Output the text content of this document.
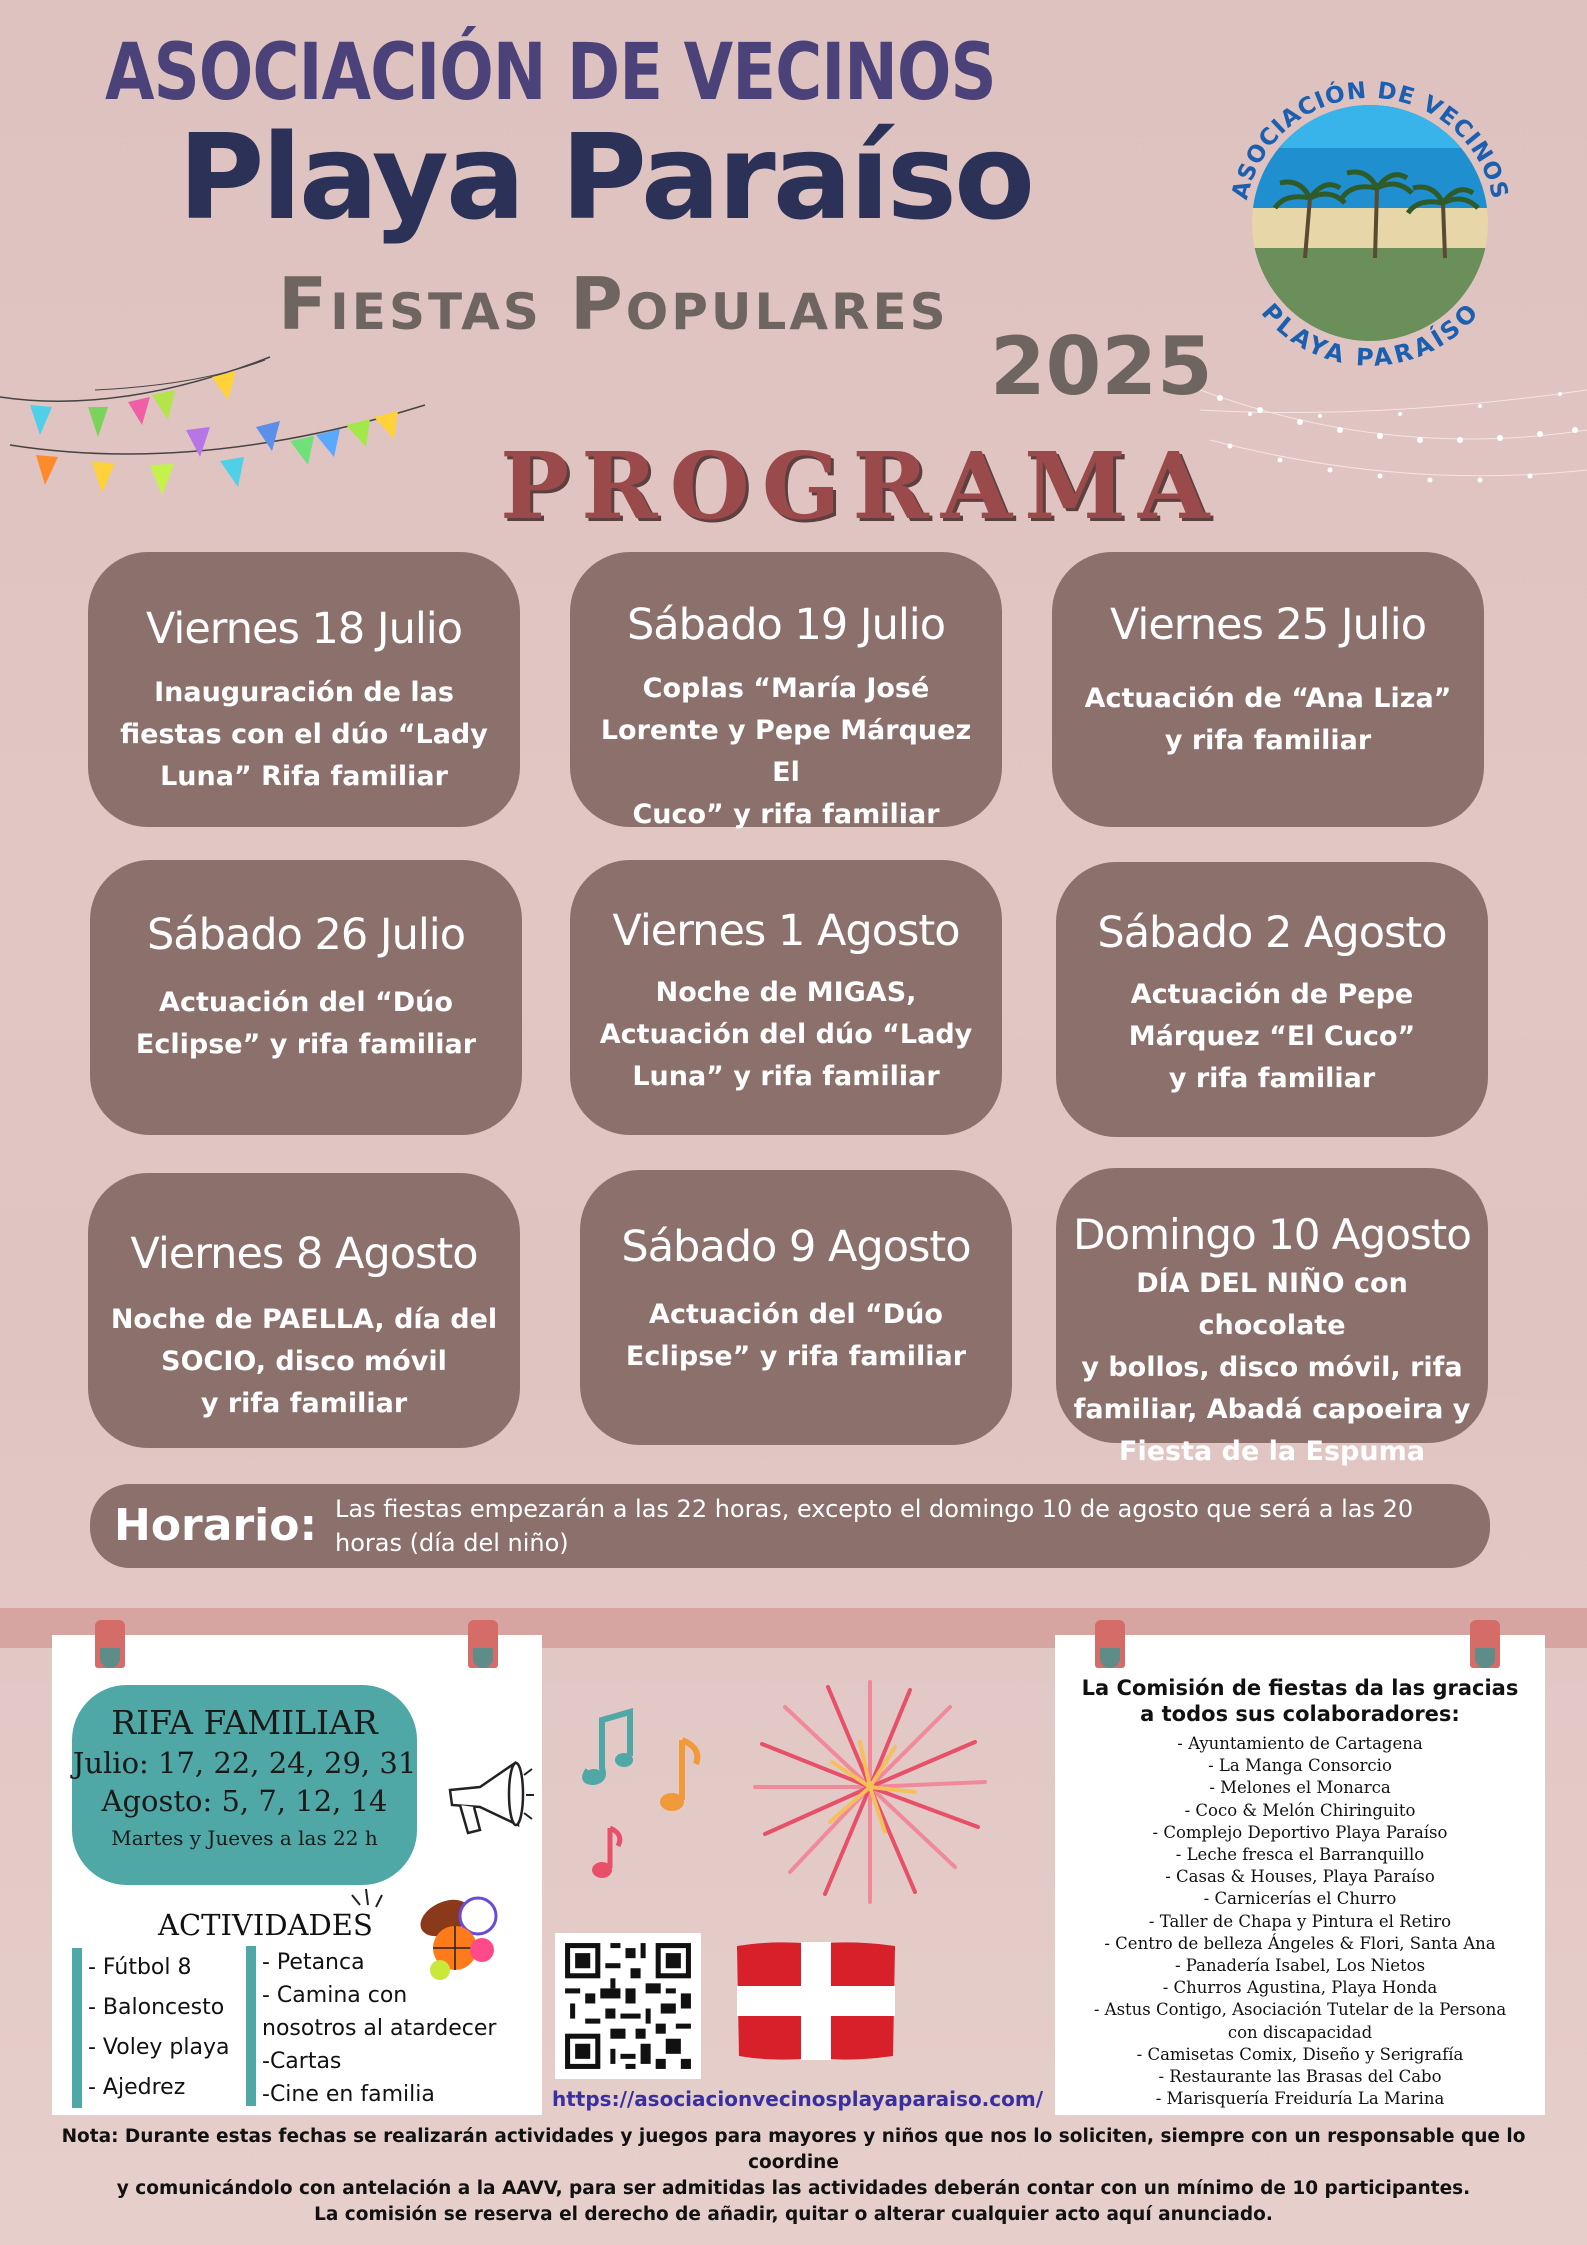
ASOCIACIÓN DE VECINOS
Playa Paraíso
Fiestas Populares
2025
PROGRAMA
ASOCIACIÓN DE VECINOS
PLAYA PARAÍSO
Viernes 18 Julio
Inauguración de las
fiestas con el dúo “Lady
Luna” Rifa familiar
Sábado 19 Julio
Coplas “María José
Lorente y Pepe Márquez El
Cuco” y rifa familiar
Viernes 25 Julio
Actuación de “Ana Liza”
y rifa familiar
Sábado 26 Julio
Actuación del “Dúo
Eclipse” y rifa familiar
Viernes 1 Agosto
Noche de MIGAS,
Actuación del dúo “Lady
Luna” y rifa familiar
Sábado 2 Agosto
Actuación de Pepe
Márquez “El Cuco”
y rifa familiar
Viernes 8 Agosto
Noche de PAELLA, día del
SOCIO, disco móvil
y rifa familiar
Sábado 9 Agosto
Actuación del “Dúo
Eclipse” y rifa familiar
Domingo 10 Agosto
DÍA DEL NIÑO con chocolate
y bollos, disco móvil, rifa
familiar, Abadá capoeira y
Fiesta de la Espuma
Horario: Las fiestas empezarán a las 22 horas, excepto el domingo 10 de agosto que será a las 20 horas (día del niño)
RIFA FAMILIAR
Julio: 17, 22, 24, 29, 31
Agosto: 5, 7, 12, 14
Martes y Jueves a las 22 h
ACTIVIDADES
- Fútbol 8
- Baloncesto
- Voley playa
- Ajedrez
- Petanca
- Camina con
nosotros al atardecer
-Cartas
-Cine en familia	https://asociacionvecinosplayaparaiso.com/
La Comisión de fiestas da las gracias a todos sus colaboradores:
- Ayuntamiento de Cartagena
- La Manga Consorcio
- Melones el Monarca
- Coco & Melón Chiringuito
- Complejo Deportivo Playa Paraíso
- Leche fresca el Barranquillo
- Casas & Houses, Playa Paraíso
- Carnicerías el Churro
- Taller de Chapa y Pintura el Retiro
- Centro de belleza Ángeles & Flori, Santa Ana
- Panadería Isabel, Los Nietos
- Churros Agustina, Playa Honda
- Astus Contigo, Asociación Tutelar de la Persona
con discapacidad
- Camisetas Comix, Diseño y Serigrafía
- Restaurante las Brasas del Cabo
- Marisquería Freiduría La Marina
Nota: Durante estas fechas se realizarán actividades y juegos para mayores y niños que nos lo soliciten, siempre con un responsable que lo coordine
y comunicándolo con antelación a la AAVV, para ser admitidas las actividades deberán contar con un mínimo de 10 participantes.
La comisión se reserva el derecho de añadir, quitar o alterar cualquier acto aquí anunciado.
